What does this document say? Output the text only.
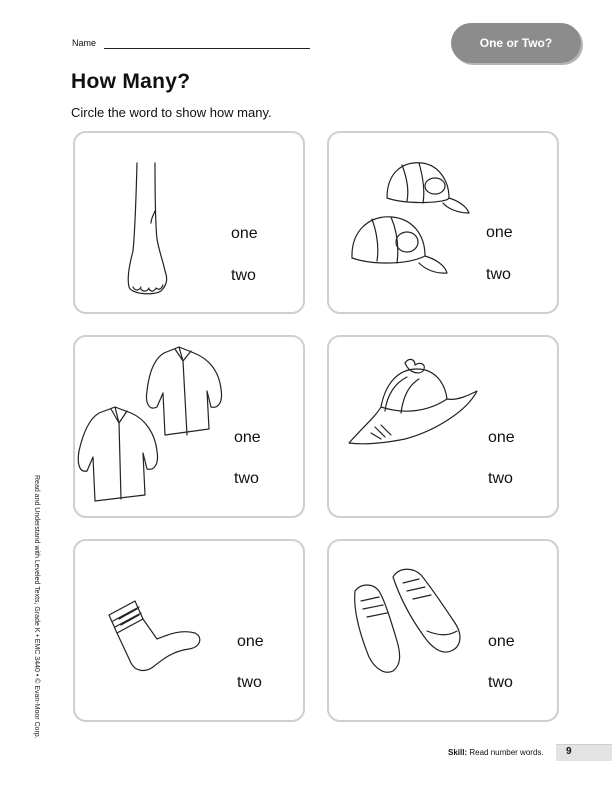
Name	One or Two?
How Many?
Circle the word to show how many.
one
two
one
two
one
two
one
two
one
two
one
two
Read and Understand with Leveled Texts, Grade K • EMC 3440 • © Evan-Moor Corp.
Skill: Read number words. 9
